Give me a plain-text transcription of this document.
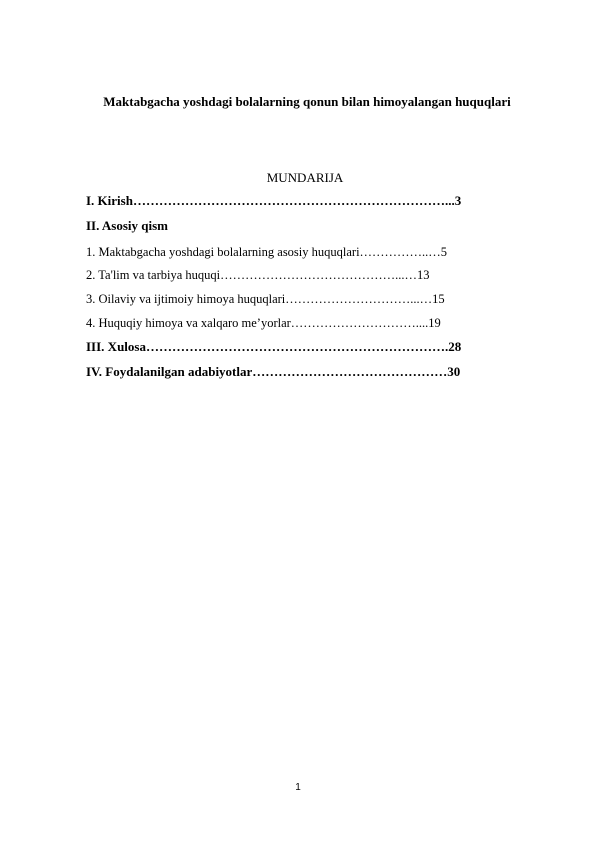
Maktabgacha yoshdagi bolalarning qonun bilan himoyalangan huquqlari
MUNDARIJA
I. Kirish………………………………………………………………...3
II. Asosiy qism
1. Maktabgacha yoshdagi bolalarning asosiy huquqlari……………..…5
2. Ta'lim va tarbiya huquqi……………………………………...…13
3. Oilaviy va ijtimoiy himoya huquqlari…………………………...…15
4. Huquqiy himoya va xalqaro me’yorlar…………………………....19
III. Xulosa…………………………………………………………….28
IV. Foydalanilgan adabiyotlar………………………………………30
1
